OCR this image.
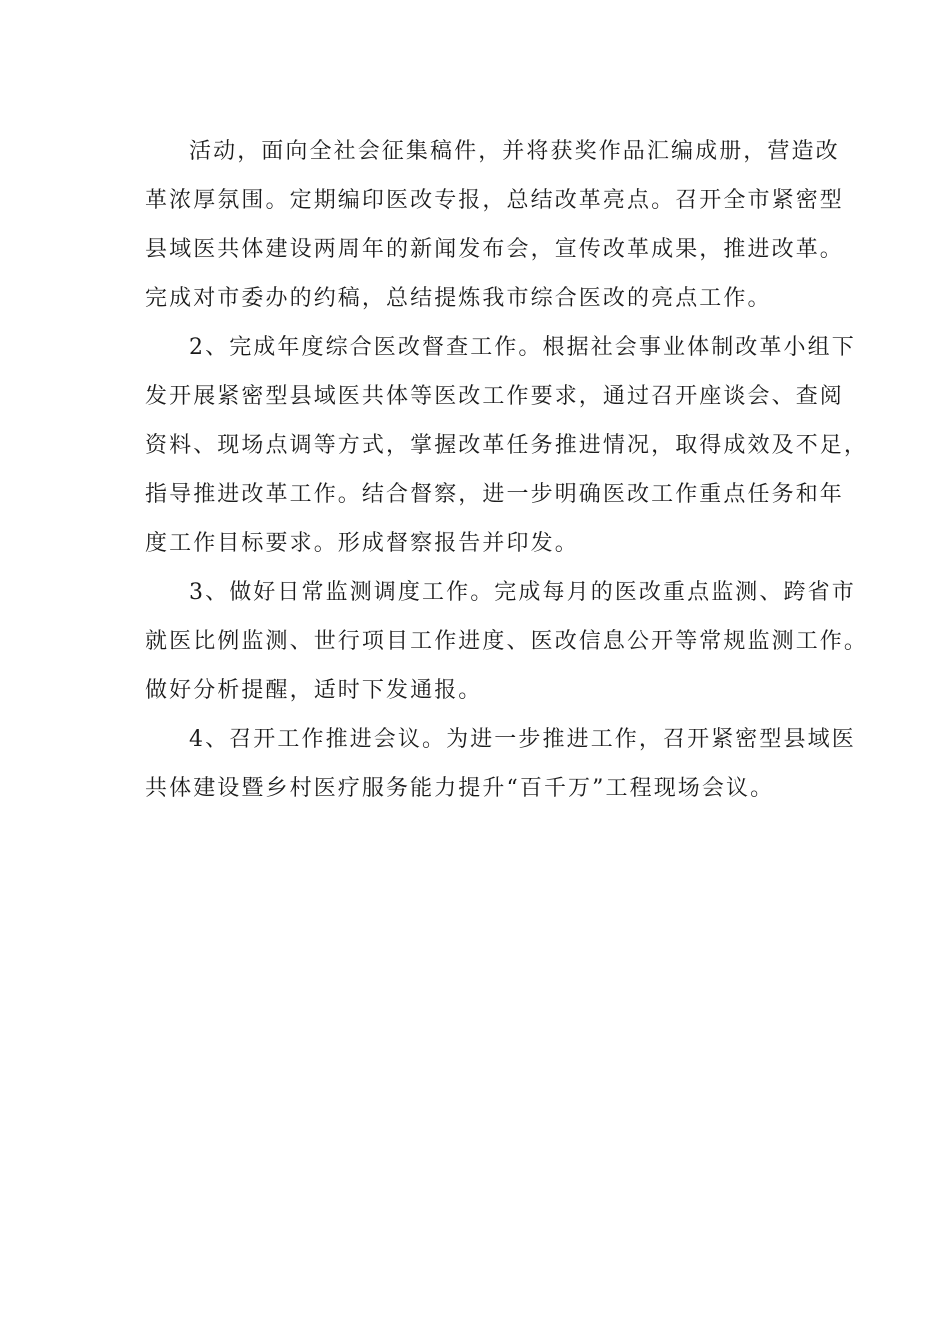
活动，面向全社会征集稿件，并将获奖作品汇编成册，营造改
革浓厚氛围。定期编印医改专报，总结改革亮点。召开全市紧密型
县域医共体建设两周年的新闻发布会，宣传改革成果，推进改革。
完成对市委办的约稿，总结提炼我市综合医改的亮点工作。
2、完成年度综合医改督查工作。根据社会事业体制改革小组下
发开展紧密型县域医共体等医改工作要求，通过召开座谈会、查阅
资料、现场点调等方式，掌握改革任务推进情况，取得成效及不足，
指导推进改革工作。结合督察，进一步明确医改工作重点任务和年
度工作目标要求。形成督察报告并印发。
3、做好日常监测调度工作。完成每月的医改重点监测、跨省市
就医比例监测、世行项目工作进度、医改信息公开等常规监测工作。
做好分析提醒，适时下发通报。
4、召开工作推进会议。为进一步推进工作，召开紧密型县域医
共体建设暨乡村医疗服务能力提升“百千万”工程现场会议。
